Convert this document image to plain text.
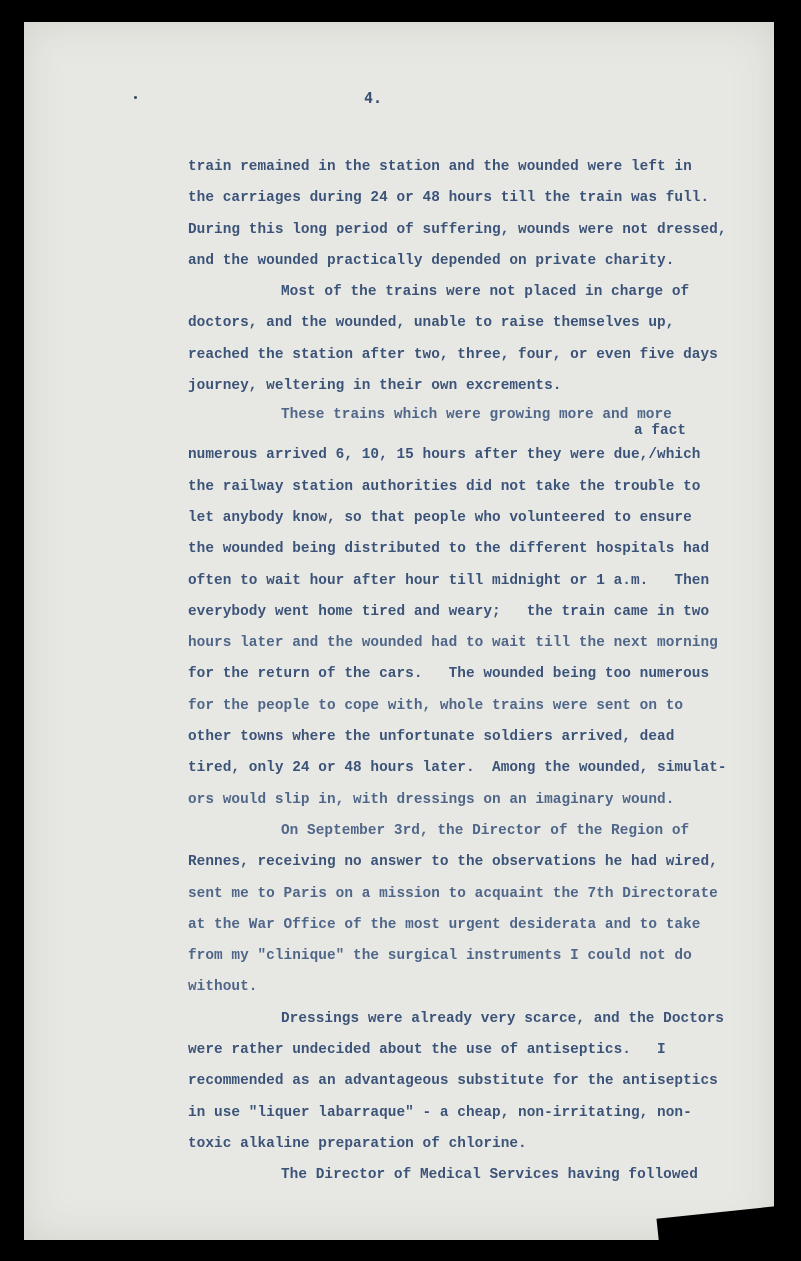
4.
train remained in the station and the wounded were left in
the carriages during 24 or 48 hours till the train was full.
During this long period of suffering, wounds were not dressed,
and the wounded practically depended on private charity.
Most of the trains were not placed in charge of
doctors, and the wounded, unable to raise themselves up,
reached the station after two, three, four, or even five days
journey, weltering in their own excrements.
These trains which were growing more and more
a fact
numerous arrived 6, 10, 15 hours after they were due,/which
the railway station authorities did not take the trouble to
let anybody know, so that people who volunteered to ensure
the wounded being distributed to the different hospitals had
often to wait hour after hour till midnight or 1 a.m.   Then
everybody went home tired and weary;   the train came in two
hours later and the wounded had to wait till the next morning
for the return of the cars.   The wounded being too numerous
for the people to cope with, whole trains were sent on to
other towns where the unfortunate soldiers arrived, dead
tired, only 24 or 48 hours later.  Among the wounded, simulat-
ors would slip in, with dressings on an imaginary wound.
On September 3rd, the Director of the Region of
Rennes, receiving no answer to the observations he had wired,
sent me to Paris on a mission to acquaint the 7th Directorate
at the War Office of the most urgent desiderata and to take
from my "clinique" the surgical instruments I could not do
without.
Dressings were already very scarce, and the Doctors
were rather undecided about the use of antiseptics.   I
recommended as an advantageous substitute for the antiseptics
in use "liquer labarraque" - a cheap, non-irritating, non-
toxic alkaline preparation of chlorine.
The Director of Medical Services having followed
